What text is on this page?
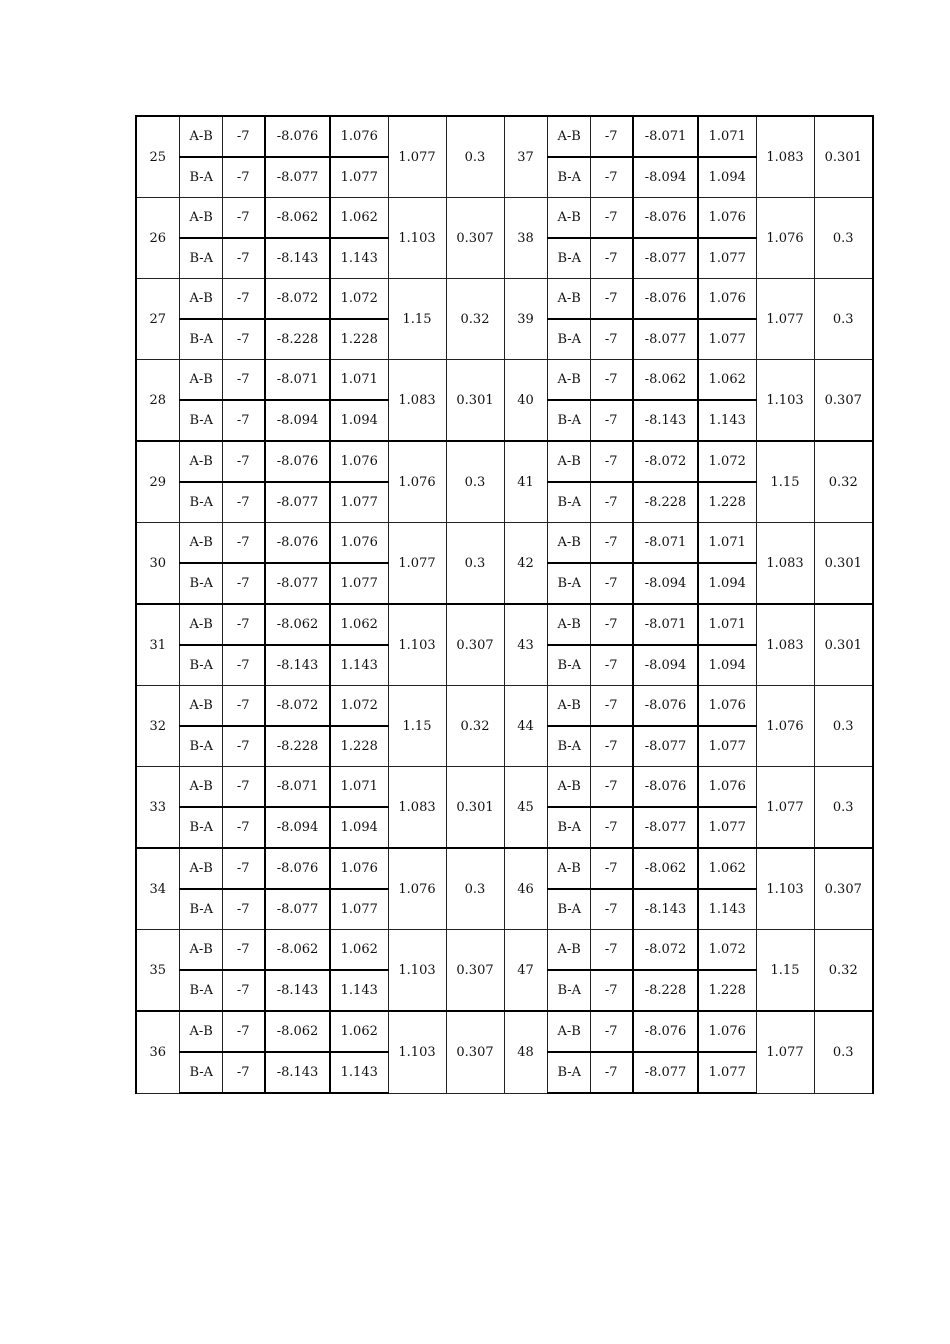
25	A-B	-7	-8.076	1.076	1.077	0.3	37	A-B	-7	-8.071	1.071	1.083	0.301
	B-A	-7	-8.077	1.077				B-A	-7	-8.094	1.094		
26	A-B	-7	-8.062	1.062	1.103	0.307	38	A-B	-7	-8.076	1.076	1.076	0.3
	B-A	-7	-8.143	1.143				B-A	-7	-8.077	1.077		
27	A-B	-7	-8.072	1.072	1.15	0.32	39	A-B	-7	-8.076	1.076	1.077	0.3
	B-A	-7	-8.228	1.228				B-A	-7	-8.077	1.077		
28	A-B	-7	-8.071	1.071	1.083	0.301	40	A-B	-7	-8.062	1.062	1.103	0.307
	B-A	-7	-8.094	1.094				B-A	-7	-8.143	1.143		
29	A-B	-7	-8.076	1.076	1.076	0.3	41	A-B	-7	-8.072	1.072	1.15	0.32
	B-A	-7	-8.077	1.077				B-A	-7	-8.228	1.228		
30	A-B	-7	-8.076	1.076	1.077	0.3	42	A-B	-7	-8.071	1.071	1.083	0.301
	B-A	-7	-8.077	1.077				B-A	-7	-8.094	1.094		
31	A-B	-7	-8.062	1.062	1.103	0.307	43	A-B	-7	-8.071	1.071	1.083	0.301
	B-A	-7	-8.143	1.143				B-A	-7	-8.094	1.094		
32	A-B	-7	-8.072	1.072	1.15	0.32	44	A-B	-7	-8.076	1.076	1.076	0.3
	B-A	-7	-8.228	1.228				B-A	-7	-8.077	1.077		
33	A-B	-7	-8.071	1.071	1.083	0.301	45	A-B	-7	-8.076	1.076	1.077	0.3
	B-A	-7	-8.094	1.094				B-A	-7	-8.077	1.077		
34	A-B	-7	-8.076	1.076	1.076	0.3	46	A-B	-7	-8.062	1.062	1.103	0.307
	B-A	-7	-8.077	1.077				B-A	-7	-8.143	1.143		
35	A-B	-7	-8.062	1.062	1.103	0.307	47	A-B	-7	-8.072	1.072	1.15	0.32
	B-A	-7	-8.143	1.143				B-A	-7	-8.228	1.228		
36	A-B	-7	-8.062	1.062	1.103	0.307	48	A-B	-7	-8.076	1.076	1.077	0.3
	B-A	-7	-8.143	1.143				B-A	-7	-8.077	1.077		
